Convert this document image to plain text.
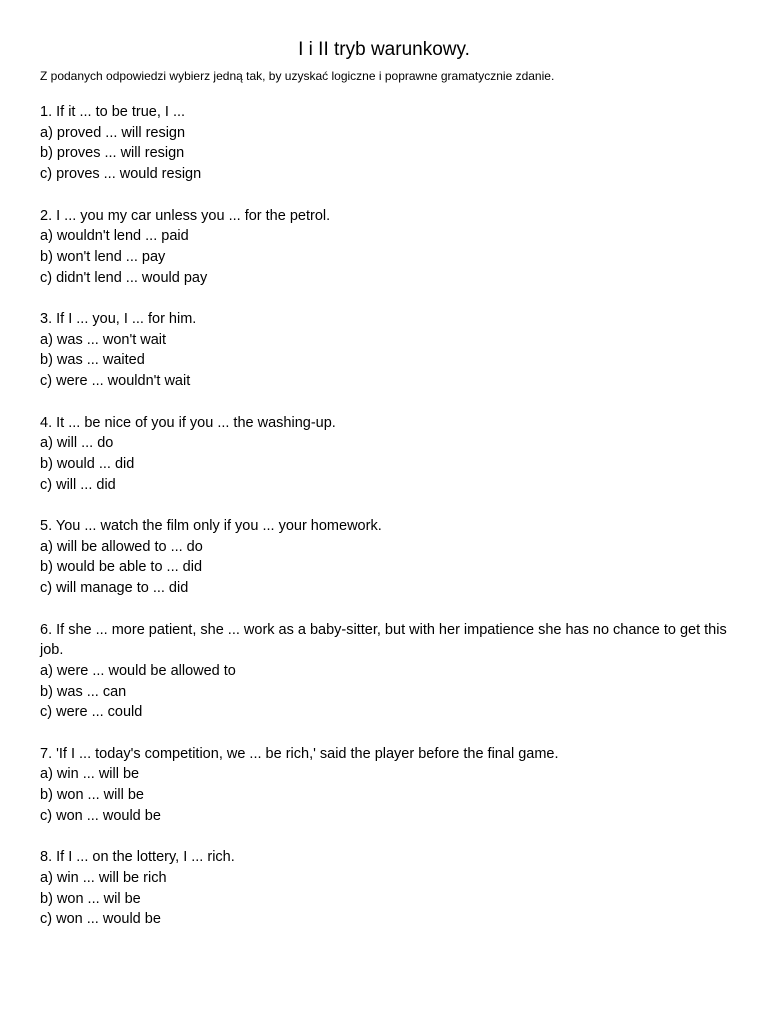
I i II tryb warunkowy.
Z podanych odpowiedzi wybierz jedną tak, by uzyskać logiczne i poprawne gramatycznie zdanie.
1. If it ... to be true, I ...
a) proved ... will resign
b) proves ... will resign
c) proves ... would resign
2. I ... you my car unless you ... for the petrol.
a) wouldn't lend ... paid
b) won't lend ... pay
c) didn't lend ... would pay
3. If I ... you, I ... for him.
a) was ... won't wait
b) was ... waited
c) were ... wouldn't wait
4. It ... be nice of you if you ... the washing-up.
a) will ... do
b) would ... did
c) will ... did
5. You ... watch the film only if you ... your homework.
a) will be allowed to ... do
b) would be able to ... did
c) will manage to ... did
6. If she ... more patient, she ... work as a baby-sitter, but with her impatience she has no chance to get this job.
a) were ... would be allowed to
b) was ... can
c) were ... could
7. 'If I ... today's competition, we ... be rich,' said the player before the final game.
a) win ... will be
b) won ... will be
c) won ... would be
8. If I ... on the lottery, I ... rich.
a) win ... will be rich
b) won ... wil be
c) won ... would be
